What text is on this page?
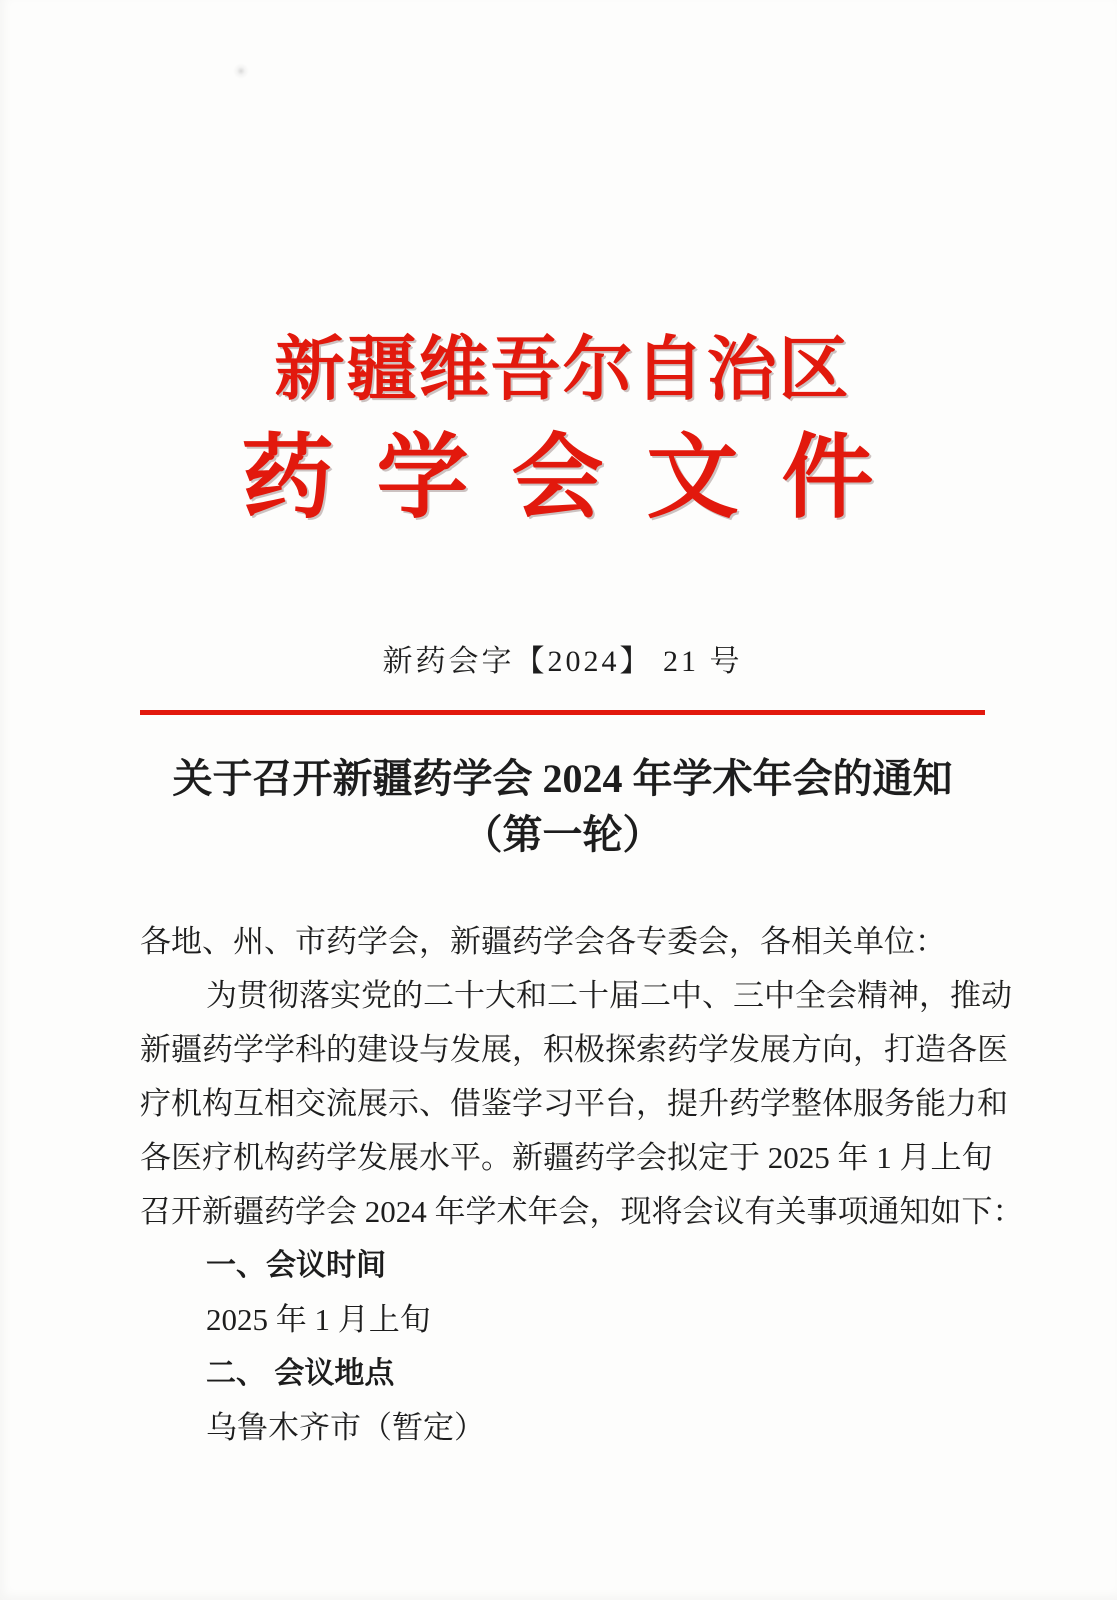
新疆维吾尔自治区
药 学 会 文 件
新药会字【2024】 21 号
关于召开新疆药学会 2024 年学术年会的通知
（第一轮）
各地、州、市药学会，新疆药学会各专委会，各相关单位：
为贯彻落实党的二十大和二十届二中、三中全会精神，推动
新疆药学学科的建设与发展，积极探索药学发展方向，打造各医
疗机构互相交流展示、借鉴学习平台，提升药学整体服务能力和
各医疗机构药学发展水平。新疆药学会拟定于 2025 年 1 月上旬
召开新疆药学会 2024 年学术年会，现将会议有关事项通知如下：
一、会议时间
2025 年 1 月上旬
二、 会议地点
乌鲁木齐市（暂定）
